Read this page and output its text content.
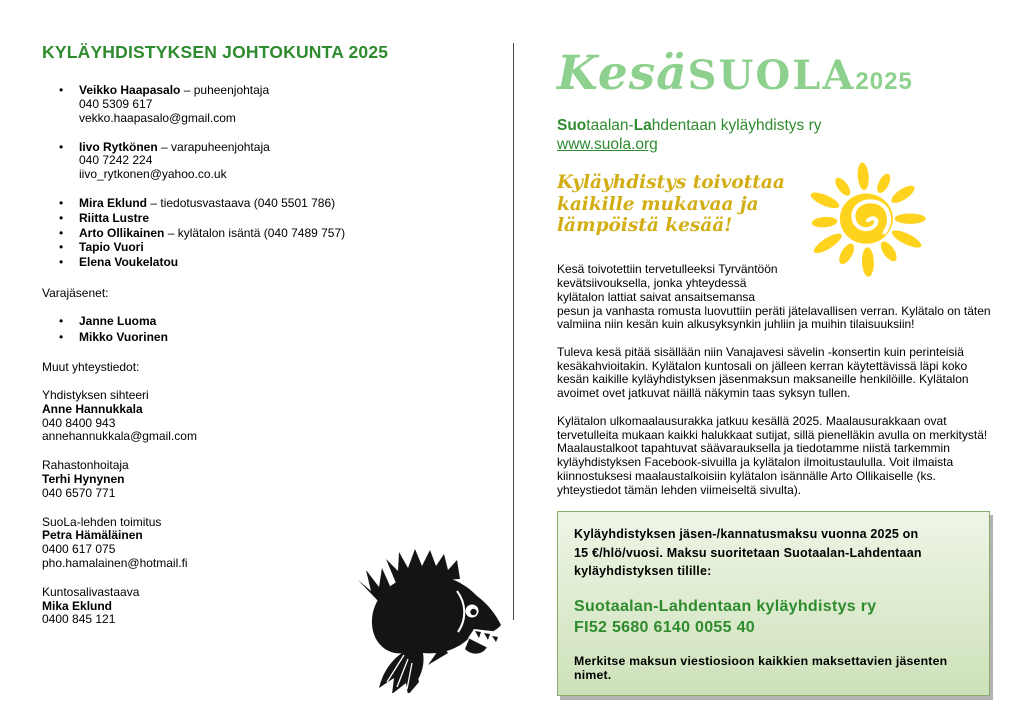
KYLÄYHDISTYKSEN JOHTOKUNTA 2025
• Veikko Haapasalo – puheenjohtaja
040 5309 617
vekko.haapasalo@gmail.com
• Iivo Rytkönen – varapuheenjohtaja
040 7242 224
iivo_rytkonen@yahoo.co.uk
• Mira Eklund – tiedotusvastaava (040 5501 786)
• Riitta Lustre
• Arto Ollikainen – kylätalon isäntä (040 7489 757)
• Tapio Vuori
• Elena Voukelatou
Varajäsenet:
• Janne Luoma
• Mikko Vuorinen
Muut yhteystiedot:
Yhdistyksen sihteeri
Anne Hannukkala
040 8400 943
annehannukkala@gmail.com
Rahastonhoitaja
Terhi Hynynen
040 6570 771
SuoLa-lehden toimitus
Petra Hämäläinen
0400 617 075
pho.hamalainen@hotmail.fi
Kuntosalivastaava
Mika Eklund
0400 845 121
KesäSUOLA2025
Suotaalan-Lahdentaan kyläyhdistys ry
www.suola.org
Kyläyhdistys toivottaa
kaikille mukavaa ja
lämpöistä kesää!

Kesä toivotettiin tervetulleeksi Tyrväntöön kevätsiivouksella, jonka yhteydessä kylätalon lattiat saivat ansaitsemansa pesun ja vanhasta romusta luovuttiin peräti jätelavallisen verran. Kylätalo on täten valmiina niin kesän kuin alkusyksynkin juhliin ja muihin tilaisuuksiin!

Tuleva kesä pitää sisällään niin Vanajavesi sävelin -konsertin kuin perinteisiä kesäkahvioitakin. Kylätalon kuntosali on jälleen kerran käytettävissä läpi koko kesän kaikille kyläyhdistyksen jäsenmaksun maksaneille henkilöille. Kylätalon avoimet ovet jatkuvat näillä näkymin taas syksyn tullen.

Kylätalon ulkomaalausurakka jatkuu kesällä 2025. Maalausurakkaan ovat tervetulleita mukaan kaikki halukkaat sutijat, sillä pienelläkin avulla on merkitystä! Maalaustalkoot tapahtuvat säävarauksella ja tiedotamme niistä tarkemmin kyläyhdistyksen Facebook-sivuilla ja kylätalon ilmoitustaululla. Voit ilmaista kiinnostuksesi maalaustalkoisiin kylätalon isännälle Arto Ollikaiselle (ks. yhteystiedot tämän lehden viimeiseltä sivulta).

Kyläyhdistyksen jäsen-/kannatusmaksu vuonna 2025 on
15 €/hlö/vuosi. Maksu suoritetaan Suotaalan-Lahdentaan
kyläyhdistyksen tilille:
Suotaalan-Lahdentaan kyläyhdistys ry
FI52 5680 6140 0055 40
Merkitse maksun viestiosioon kaikkien maksettavien jäsenten nimet.
